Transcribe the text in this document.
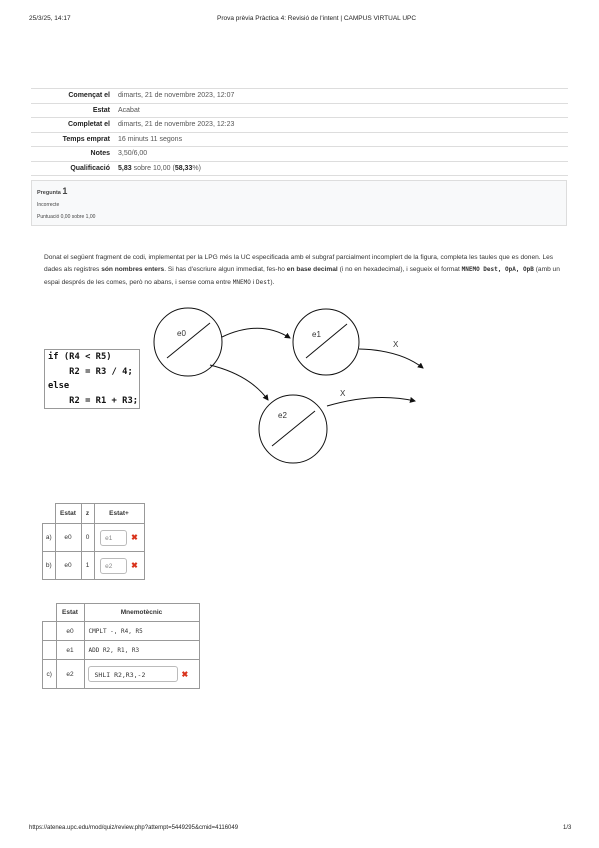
25/3/25, 14:17	Prova prèvia Pràctica 4: Revisió de l'intent | CAMPUS VIRTUAL UPC
Començat el	dimarts, 21 de novembre 2023, 12:07
Estat	Acabat
Completat el	dimarts, 21 de novembre 2023, 12:23
Temps emprat	16 minuts 11 segons
Notes	3,50/6,00
Qualificació	5,83 sobre 10,00 (58,33%)
Pregunta 1
Incorrecte
Puntuació 0,00 sobre 1,00
Donat el següent fragment de codi, implementat per la LPG més la UC especificada amb el subgraf parcialment incomplert de la figura, completa les taules que es donen. Les dades als registres són nombres enters. Si has d'escriure algun immediat, fes-ho en base decimal (i no en hexadecimal), i segueix el format MNEMO Dest, OpA, OpB (amb un espai després de les comes, però no abans, i sense coma entre MNEMO i Dest).
if (R4 < R5)
R2 = R3 / 4;
else
R2 = R1 + R3;
e0	e1
e2
X
X
	Estat	z	Estat+
a)	e0	0	e1 ✖
b)	e0	1	e2 ✖
	Estat	Mnemotècnic
	e0	CMPLT -, R4, R5
	e1	ADD R2, R1, R3
c)	e2	SHLI R2,R3,-2 ✖
https://atenea.upc.edu/mod/quiz/review.php?attempt=5449295&cmid=4116049	1/3
